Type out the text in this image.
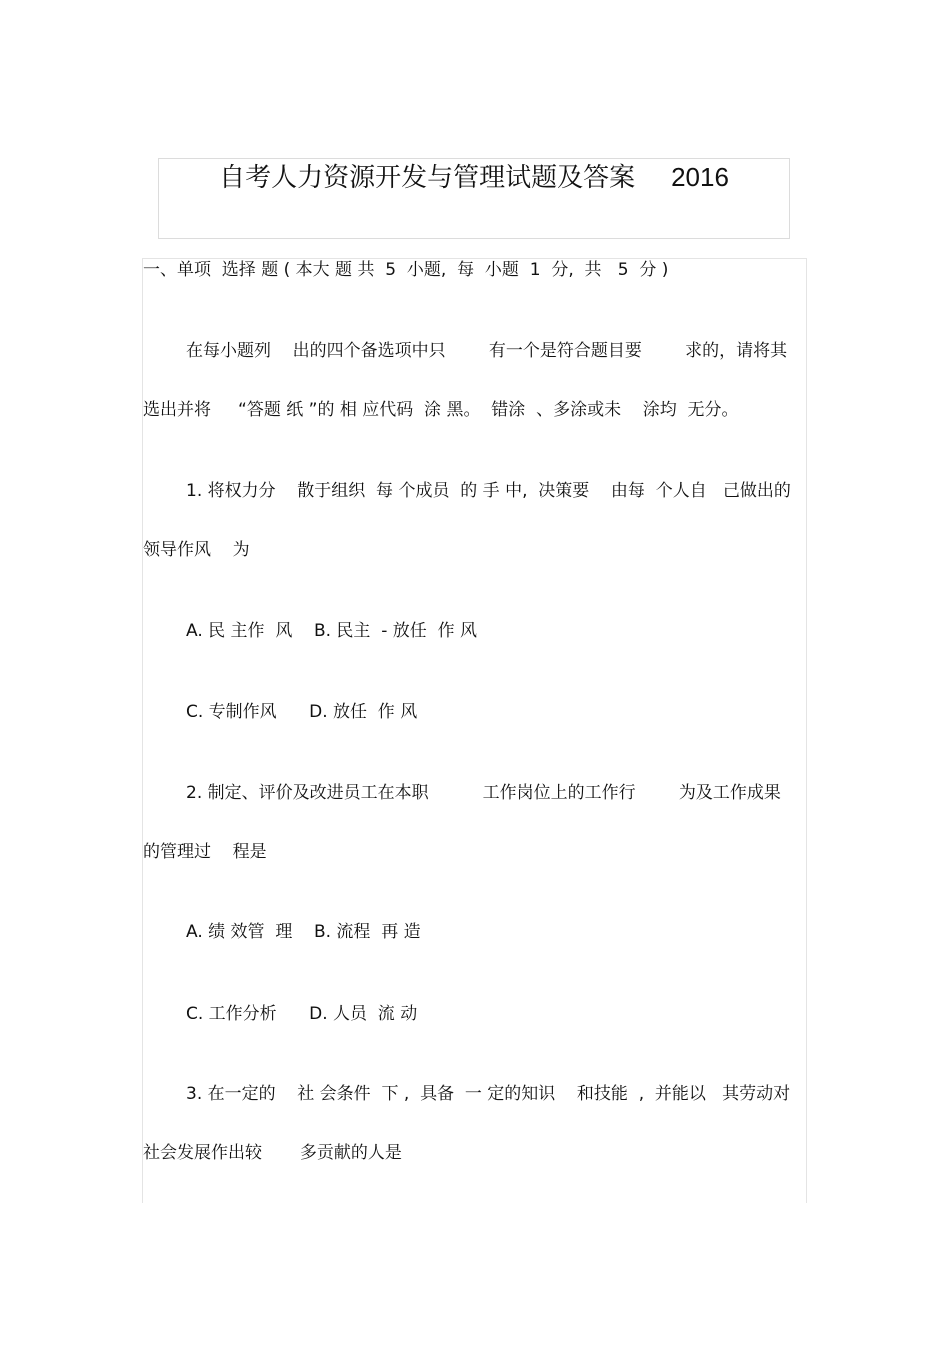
自考人力资源开发与管理试题及答案 2016
一、单项  选择 题 ( 本大 题 共  5  小题,  每  小题  1  分,  共   5  分 )
在每小题列    出的四个备选项中只        有一个是符合题目要        求的，请将其
选出并将     “答题 纸 ”的 相 应代码  涂 黑。  错涂  、多涂或未    涂均  无分。
1. 将权力分    散于组织  每 个成员  的 手 中,  决策要    由每  个人自   己做出的
领导作风    为
A. 民 主作  风    B. 民主  - 放任  作 风
C. 专制作风      D. 放任  作 风
2. 制定、评价及改进员工在本职          工作岗位上的工作行        为及工作成果
的管理过    程是
A. 绩 效管  理    B. 流程  再 造
C. 工作分析      D. 人员  流 动
3. 在一定的    社 会条件  下 ,  具备  一 定的知识    和技能  ,  并能以   其劳动对
社会发展作出较       多贡献的人是
